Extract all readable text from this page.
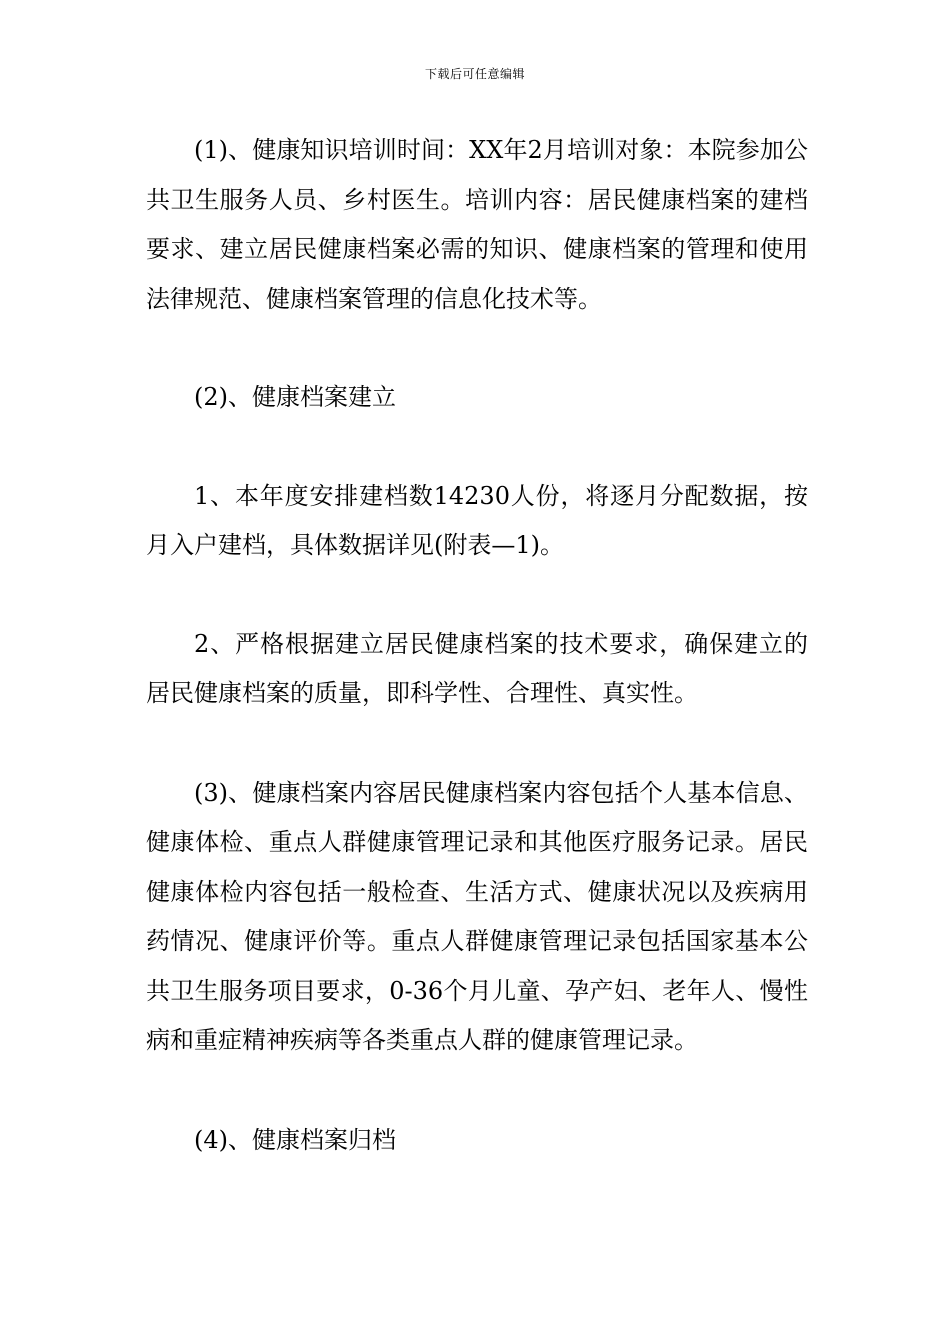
下载后可任意编辑

(1)、健康知识培训时间：XX年2月培训对象：本院参加公共卫生服务人员、乡村医生。培训内容：居民健康档案的建档要求、建立居民健康档案必需的知识、健康档案的管理和使用法律规范、健康档案管理的信息化技术等。

(2)、健康档案建立

1、本年度安排建档数14230人份，将逐月分配数据，按月入户建档，具体数据详见(附表—1)。

2、严格根据建立居民健康档案的技术要求，确保建立的居民健康档案的质量，即科学性、合理性、真实性。

(3)、健康档案内容居民健康档案内容包括个人基本信息、健康体检、重点人群健康管理记录和其他医疗服务记录。居民健康体检内容包括一般检查、生活方式、健康状况以及疾病用药情况、健康评价等。重点人群健康管理记录包括国家基本公共卫生服务项目要求，0-36个月儿童、孕产妇、老年人、慢性病和重症精神疾病等各类重点人群的健康管理记录。

(4)、健康档案归档
